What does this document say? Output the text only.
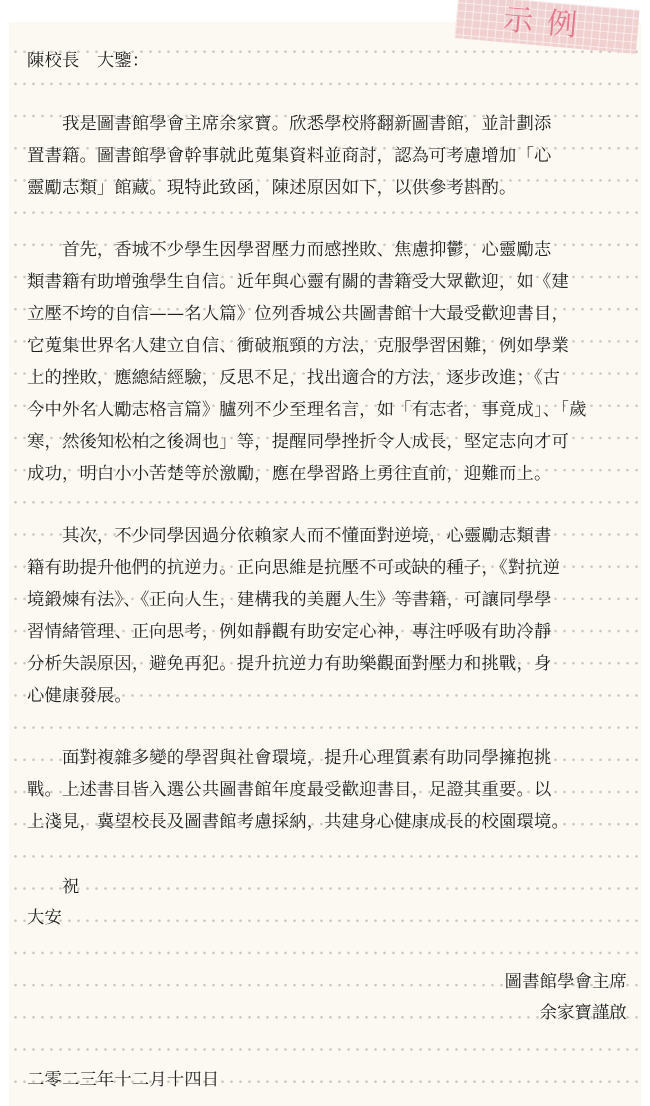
示例
陳校長　大鑒：
　　我是圖書館學會主席余家寶。欣悉學校將翻新圖書館，並計劃添
置書籍。圖書館學會幹事就此蒐集資料並商討，認為可考慮增加「心
靈勵志類」館藏。現特此致函，陳述原因如下，以供參考斟酌。
　　首先，香城不少學生因學習壓力而感挫敗、焦慮抑鬱，心靈勵志
類書籍有助增強學生自信。近年與心靈有關的書籍受大眾歡迎，如《建
立壓不垮的自信——名人篇》位列香城公共圖書館十大最受歡迎書目，
它蒐集世界名人建立自信、衝破瓶頸的方法，克服學習困難，例如學業
上的挫敗，應總結經驗，反思不足，找出適合的方法，逐步改進；《古
今中外名人勵志格言篇》臚列不少至理名言，如「有志者，事竟成」、「歲
寒，然後知松柏之後凋也」等，提醒同學挫折令人成長，堅定志向才可
成功，明白小小苦楚等於激勵，應在學習路上勇往直前，迎難而上。
　　其次，不少同學因過分依賴家人而不懂面對逆境，心靈勵志類書
籍有助提升他們的抗逆力。正向思維是抗壓不可或缺的種子，《對抗逆
境鍛煉有法》、《正向人生，建構我的美麗人生》等書籍，可讓同學學
習情緒管理、正向思考，例如靜觀有助安定心神，專注呼吸有助冷靜
分析失誤原因，避免再犯。提升抗逆力有助樂觀面對壓力和挑戰，身
心健康發展。
　　面對複雜多變的學習與社會環境，提升心理質素有助同學擁抱挑
戰。上述書目皆入選公共圖書館年度最受歡迎書目，足證其重要。以
上淺見，冀望校長及圖書館考慮採納，共建身心健康成長的校園環境。
　　祝
大安
圖書館學會主席
余家寶謹啟
二零二三年十二月十四日
